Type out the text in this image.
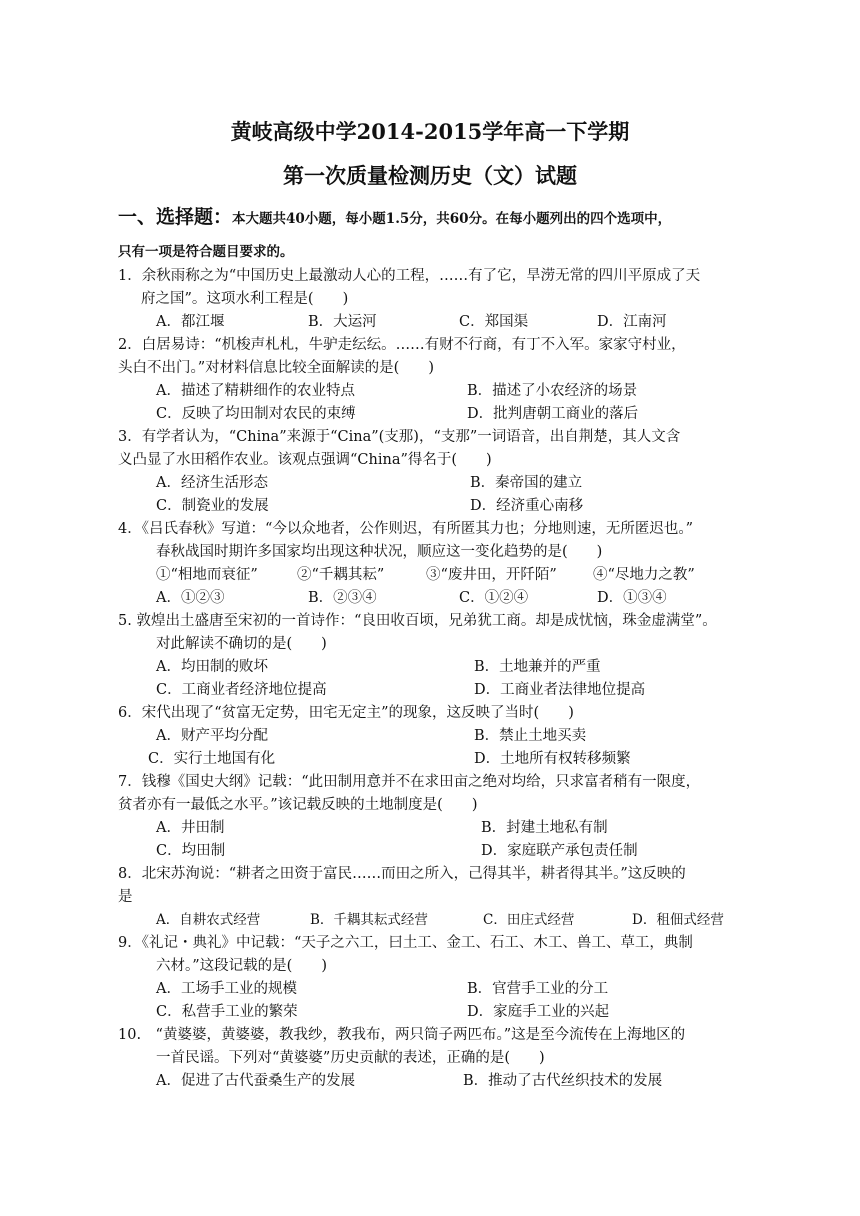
黄岐高级中学2014-2015学年高一下学期
第一次质量检测历史（文）试题
一、选择题：本大题共40小题，每小题1.5分，共60分。在每小题列出的四个选项中，
只有一项是符合题目要求的。
1．余秋雨称之为“中国历史上最激动人心的工程，……有了它，旱涝无常的四川平原成了天
府之国”。这项水利工程是(　　)
A．都江堰	B．大运河	C．郑国渠	D．江南河
2．白居易诗：“机梭声札札，牛驴走纭纭。……有财不行商，有丁不入军。家家守村业，
头白不出门。”对材料信息比较全面解读的是(　　)
A．描述了精耕细作的农业特点	B．描述了小农经济的场景
C．反映了均田制对农民的束缚	D．批判唐朝工商业的落后
3．有学者认为，“China”来源于“Cina”(支那)，“支那”一词语音，出自荆楚，其人文含
义凸显了水田稻作农业。该观点强调“China”得名于(　　)
A．经济生活形态	B．秦帝国的建立
C．制瓷业的发展	D．经济重心南移
4．《吕氏春秋》写道：“今以众地者，公作则迟，有所匿其力也；分地则速，无所匿迟也。”
春秋战国时期许多国家均出现这种状况，顺应这一变化趋势的是(　　)
①“相地而衰征”	②“千耦其耘”	③“废井田，开阡陌” ④“尽地力之教”
A．①②③	B．②③④	C．①②④	D．①③④
5. 敦煌出土盛唐至宋初的一首诗作：“良田收百顷，兄弟犹工商。却是成忧恼，珠金虚满堂”。
对此解读不确切的是(　　)
A．均田制的败坏	B．土地兼并的严重
C．工商业者经济地位提高	D．工商业者法律地位提高
6．宋代出现了“贫富无定势，田宅无定主”的现象，这反映了当时(　　)
A．财产平均分配	B．禁止土地买卖
C．实行土地国有化	D．土地所有权转移频繁
7．钱穆《国史大纲》记载：“此田制用意并不在求田亩之绝对均给，只求富者稍有一限度，
贫者亦有一最低之水平。”该记载反映的土地制度是(　　)
A．井田制	B．封建土地私有制
C．均田制	D．家庭联产承包责任制
8．北宋苏洵说：“耕者之田资于富民……而田之所入，己得其半，耕者得其半。”这反映的
是
A．自耕农式经营	B．千耦其耘式经营	C．田庄式经营	D．租佃式经营
9．《礼记・典礼》中记载：“天子之六工，曰土工、金工、石工、木工、兽工、草工，典制
六材。”这段记载的是(　　)
A．工场手工业的规模	B．官营手工业的分工
C．私营手工业的繁荣	D．家庭手工业的兴起
10.　“黄婆婆，黄婆婆，教我纱，教我布，两只筒子两匹布。”这是至今流传在上海地区的
一首民谣。下列对“黄婆婆”历史贡献的表述，正确的是(　　)
A．促进了古代蚕桑生产的发展	B．推动了古代丝织技术的发展
